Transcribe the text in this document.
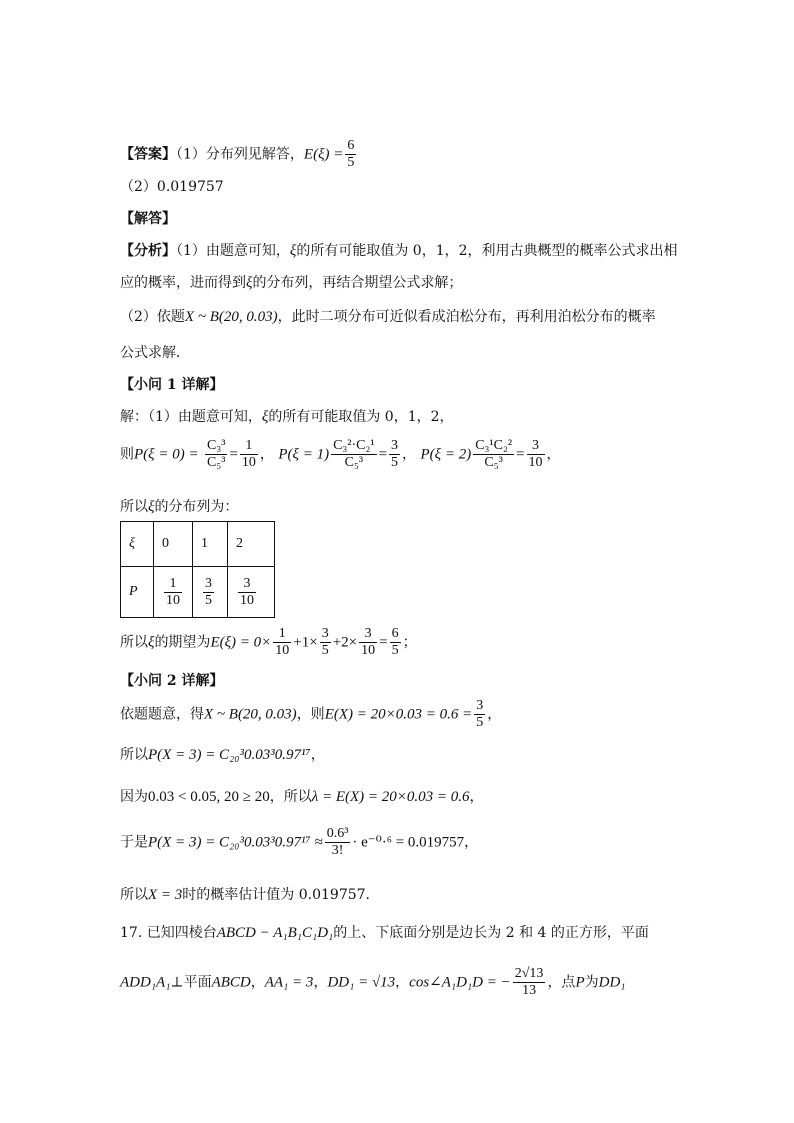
【答案】（1）分布列见解答，$E(\xi) = \frac{6}{5}$
（2）0.019757
【解答】
【分析】（1）由题意可知，ξ的所有可能取值为 0，1，2，利用古典概型的概率公式求出相
应的概率，进而得到ξ的分布列，再结合期望公式求解；
（2）依题X ~ B(20, 0.03)，此时二项分布可近似看成泊松分布，再利用泊松分布的概率
公式求解．
【小问 1 详解】
解：（1）由题意可知，ξ的所有可能取值为 0，1，2，
则$P(\xi = 0) = \frac{\text{C₃³}}{\text{C₅³}} = \frac{1}{10}$ ， $P(\xi = 1) \frac{\text{C₃²·C₂¹}}{\text{C₅³}} = \frac{3}{5}$ ， $P(\xi = 2) \frac{\text{C₃¹C₂²}}{\text{C₅³}} = \frac{3}{10}$ ，
所以ξ的分布列为：
ξ	0	1	2
P	$\frac{1}{10}$	$\frac{3}{5}$	$\frac{3}{10}$
所以ξ的期望为$E(\xi) = 0\times \frac{1}{10} +1\times \frac{3}{5} +2\times \frac{3}{10} = \frac{6}{5}$ ；
【小问 2 详解】
依题题意，得X ~ B(20, 0.03)，则$E(X) = 20\times 0.03 = 0.6 = \frac{3}{5}$ ，
所以P(X = 3) = C₂₀³0.03³0.97¹⁷，
因为0.03 < 0.05, 20 ≥ 20，所以λ = E(X) = 20×0.03 = 0.6，
于是$P(X = 3) = C_{20}^30.03^30.97^{17} \approx \frac{\text{0.6³}}{3!} \cdot e^{-0}\cdot^6 = 0.019757$，
所以X = 3时的概率估计值为 0.019757．
17. 已知四棱台ABCD − A₁B₁C₁D₁的上、下底面分别是边长为 2 和 4 的正方形，平面
ADD₁A₁⊥平面ABCD，AA₁ = 3，DD₁ = √13，cos∠A₁D₁D = − $\frac{2√13}{13}$ ，点P为DD₁
